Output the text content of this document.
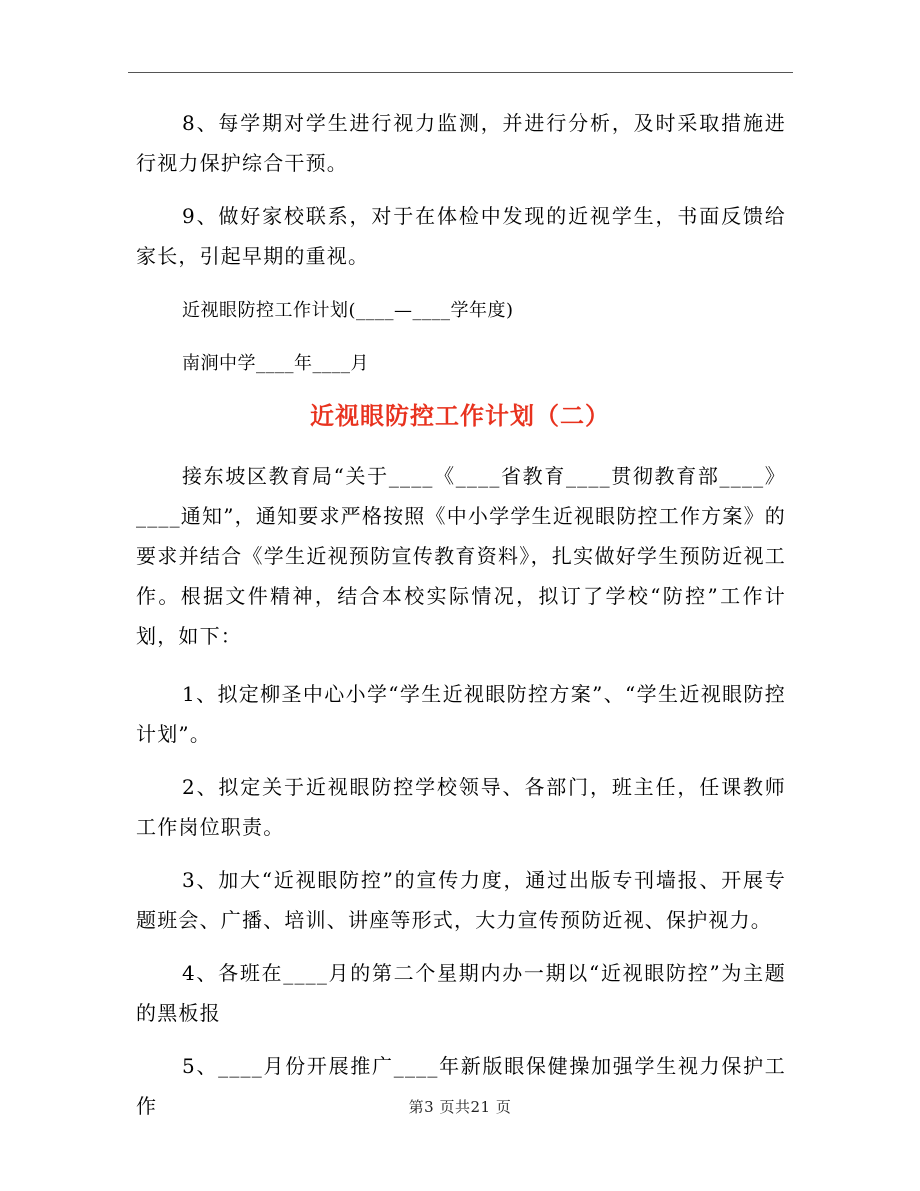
8、每学期对学生进行视力监测，并进行分析，及时采取措施进行视力保护综合干预。

9、做好家校联系，对于在体检中发现的近视学生，书面反馈给家长，引起早期的重视。

近视眼防控工作计划(____—____学年度)

南涧中学____年____月

近视眼防控工作计划（二）

接东坡区教育局“关于____《____省教育____贯彻教育部____》____通知”，通知要求严格按照《中小学学生近视眼防控工作方案》的要求并结合《学生近视预防宣传教育资料》，扎实做好学生预防近视工作。根据文件精神，结合本校实际情况，拟订了学校“防控”工作计划，如下：

1、拟定柳圣中心小学“学生近视眼防控方案”、“学生近视眼防控计划”。

2、拟定关于近视眼防控学校领导、各部门，班主任，任课教师工作岗位职责。

3、加大“近视眼防控”的宣传力度，通过出版专刊墙报、开展专题班会、广播、培训、讲座等形式，大力宣传预防近视、保护视力。

4、各班在____月的第二个星期内办一期以“近视眼防控”为主题的黑板报

5、____月份开展推广____年新版眼保健操加强学生视力保护工作	第3 页共21 页
